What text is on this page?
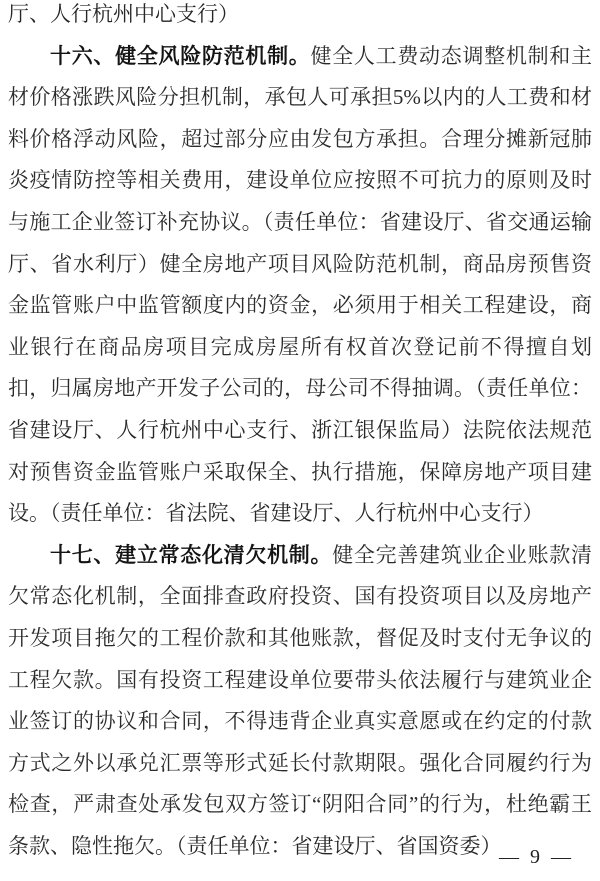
厅、人行杭州中心支行）

十六、健全风险防范机制。健全人工费动态调整机制和主材价格涨跌风险分担机制，承包人可承担5%以内的人工费和材料价格浮动风险，超过部分应由发包方承担。合理分摊新冠肺炎疫情防控等相关费用，建设单位应按照不可抗力的原则及时与施工企业签订补充协议。（责任单位：省建设厅、省交通运输厅、省水利厅）健全房地产项目风险防范机制，商品房预售资金监管账户中监管额度内的资金，必须用于相关工程建设，商业银行在商品房项目完成房屋所有权首次登记前不得擅自划扣，归属房地产开发子公司的，母公司不得抽调。（责任单位：省建设厅、人行杭州中心支行、浙江银保监局）法院依法规范对预售资金监管账户采取保全、执行措施，保障房地产项目建设。（责任单位：省法院、省建设厅、人行杭州中心支行）

十七、建立常态化清欠机制。健全完善建筑业企业账款清欠常态化机制，全面排查政府投资、国有投资项目以及房地产开发项目拖欠的工程价款和其他账款，督促及时支付无争议的工程欠款。国有投资工程建设单位要带头依法履行与建筑业企业签订的协议和合同，不得违背企业真实意愿或在约定的付款方式之外以承兑汇票等形式延长付款期限。强化合同履约行为检查，严肃查处承发包双方签订“阴阳合同”的行为，杜绝霸王条款、隐性拖欠。（责任单位：省建设厅、省国资委）

— 9 —
